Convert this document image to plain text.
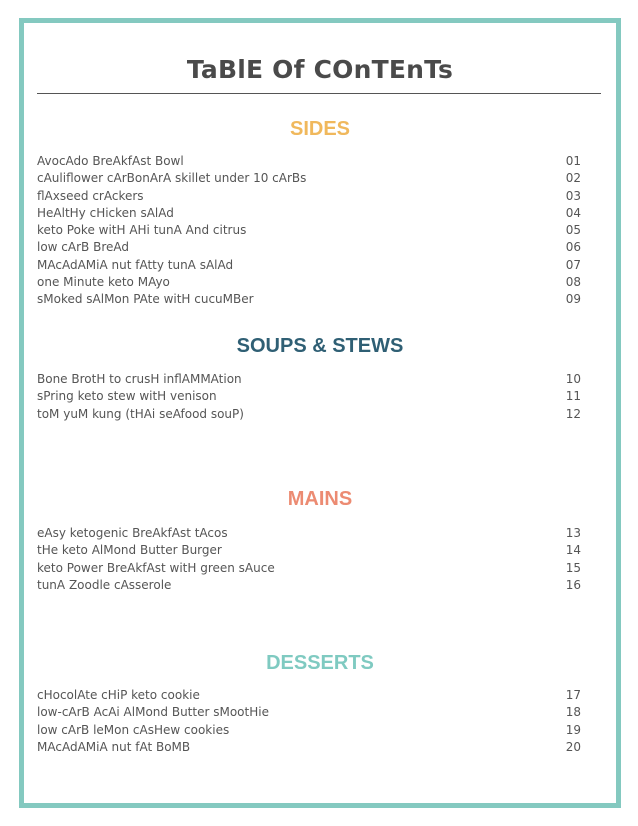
TaBlE Of COnTEnTs
SIDES
AvocAdo BreAkfAst Bowl	01
cAuliflower cArBonArA skillet under 10 cArBs	02
flAxseed crAckers	03
HeAltHy cHicken sAlAd	04
keto Poke witH AHi tunA And citrus	05
low cArB BreAd	06
MAcAdAMiA nut fAtty tunA sAlAd	07
one Minute keto MAyo	08
sMoked sAlMon PAte witH cucuMBer	09
SOUPS & STEWS
Bone BrotH to crusH inflAMMAtion	10
sPring keto stew witH venison	11
toM yuM kung (tHAi seAfood souP)	12
MAINS
eAsy ketogenic BreAkfAst tAcos	13
tHe keto AlMond Butter Burger	14
keto Power BreAkfAst witH green sAuce	15
tunA Zoodle cAsserole	16
DESSERTS
cHocolAte cHiP keto cookie	17
low-cArB AcAi AlMond Butter sMootHie	18
low cArB leMon cAsHew cookies	19
MAcAdAMiA nut fAt BoMB	20
